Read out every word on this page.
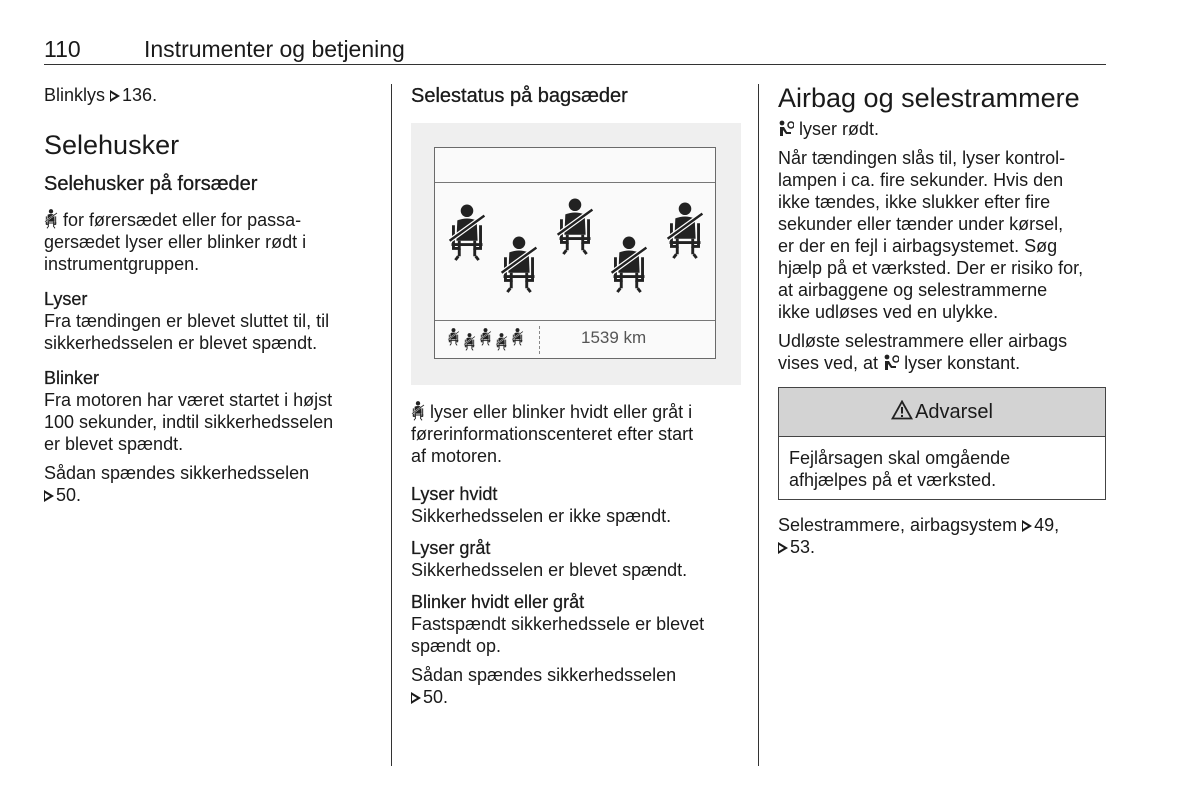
110	Instrumenter og betjening

Blinklys 136.

Selehusker
Selehusker på forsæder

for førersædet eller for passa-
gersædet lyser eller blinker rødt i
instrumentgruppen.

Lyser

Fra tændingen er blevet sluttet til, til
sikkerhedsselen er blevet spændt.

Blinker

Fra motoren har været startet i højst
100 sekunder, indtil sikkerhedsselen
er blevet spændt.

Sådan spændes sikkerhedsselen
50.

Selestatus på bagsæder
1539 km

lyser eller blinker hvidt eller gråt i
førerinformationscenteret efter start
af motoren.

Lyser hvidt

Sikkerhedsselen er ikke spændt.

Lyser gråt

Sikkerhedsselen er blevet spændt.

Blinker hvidt eller gråt

Fastspændt sikkerhedssele er blevet
spændt op.

Sådan spændes sikkerhedsselen
50.

Airbag og selestrammere

lyser rødt.

Når tændingen slås til, lyser kontrol-
lampen i ca. fire sekunder. Hvis den
ikke tændes, ikke slukker efter fire
sekunder eller tænder under kørsel,
er der en fejl i airbagsystemet. Søg
hjælp på et værksted. Der er risiko for,
at airbaggene og selestrammerne
ikke udløses ved en ulykke.

Udløste selestrammere eller airbags
vises ved, at lyser konstant.

Advarsel

Fejlårsagen skal omgående
afhjælpes på et værksted.

Selestrammere, airbagsystem 49,
53.
